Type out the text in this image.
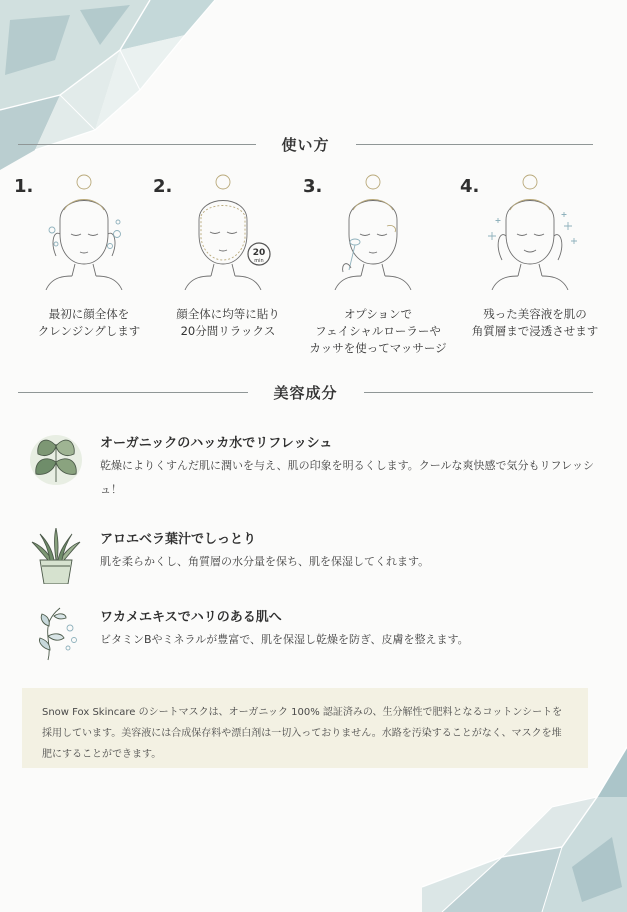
使い方
1.
最初に顔全体を
クレンジングします
2.
20
min
顔全体に均等に貼り
20分間リラックス
3.
オプションで
フェイシャルローラーや
カッサを使ってマッサージ
4.
残った美容液を肌の
角質層まで浸透させます
美容成分
オーガニックのハッカ水でリフレッシュ
乾燥によりくすんだ肌に潤いを与え、肌の印象を明るくします。クールな爽快感で気分もリフレッシュ！
アロエベラ葉汁でしっとり
肌を柔らかくし、角質層の水分量を保ち、肌を保湿してくれます。
ワカメエキスでハリのある肌へ
ビタミンBやミネラルが豊富で、肌を保湿し乾燥を防ぎ、皮膚を整えます。

Snow Fox Skincare のシートマスクは、オーガニック 100% 認証済みの、生分解性で肥料となるコットンシートを採用しています。美容液には合成保存料や漂白剤は一切入っておりません。水路を汚染することがなく、マスクを堆肥にすることができます。
